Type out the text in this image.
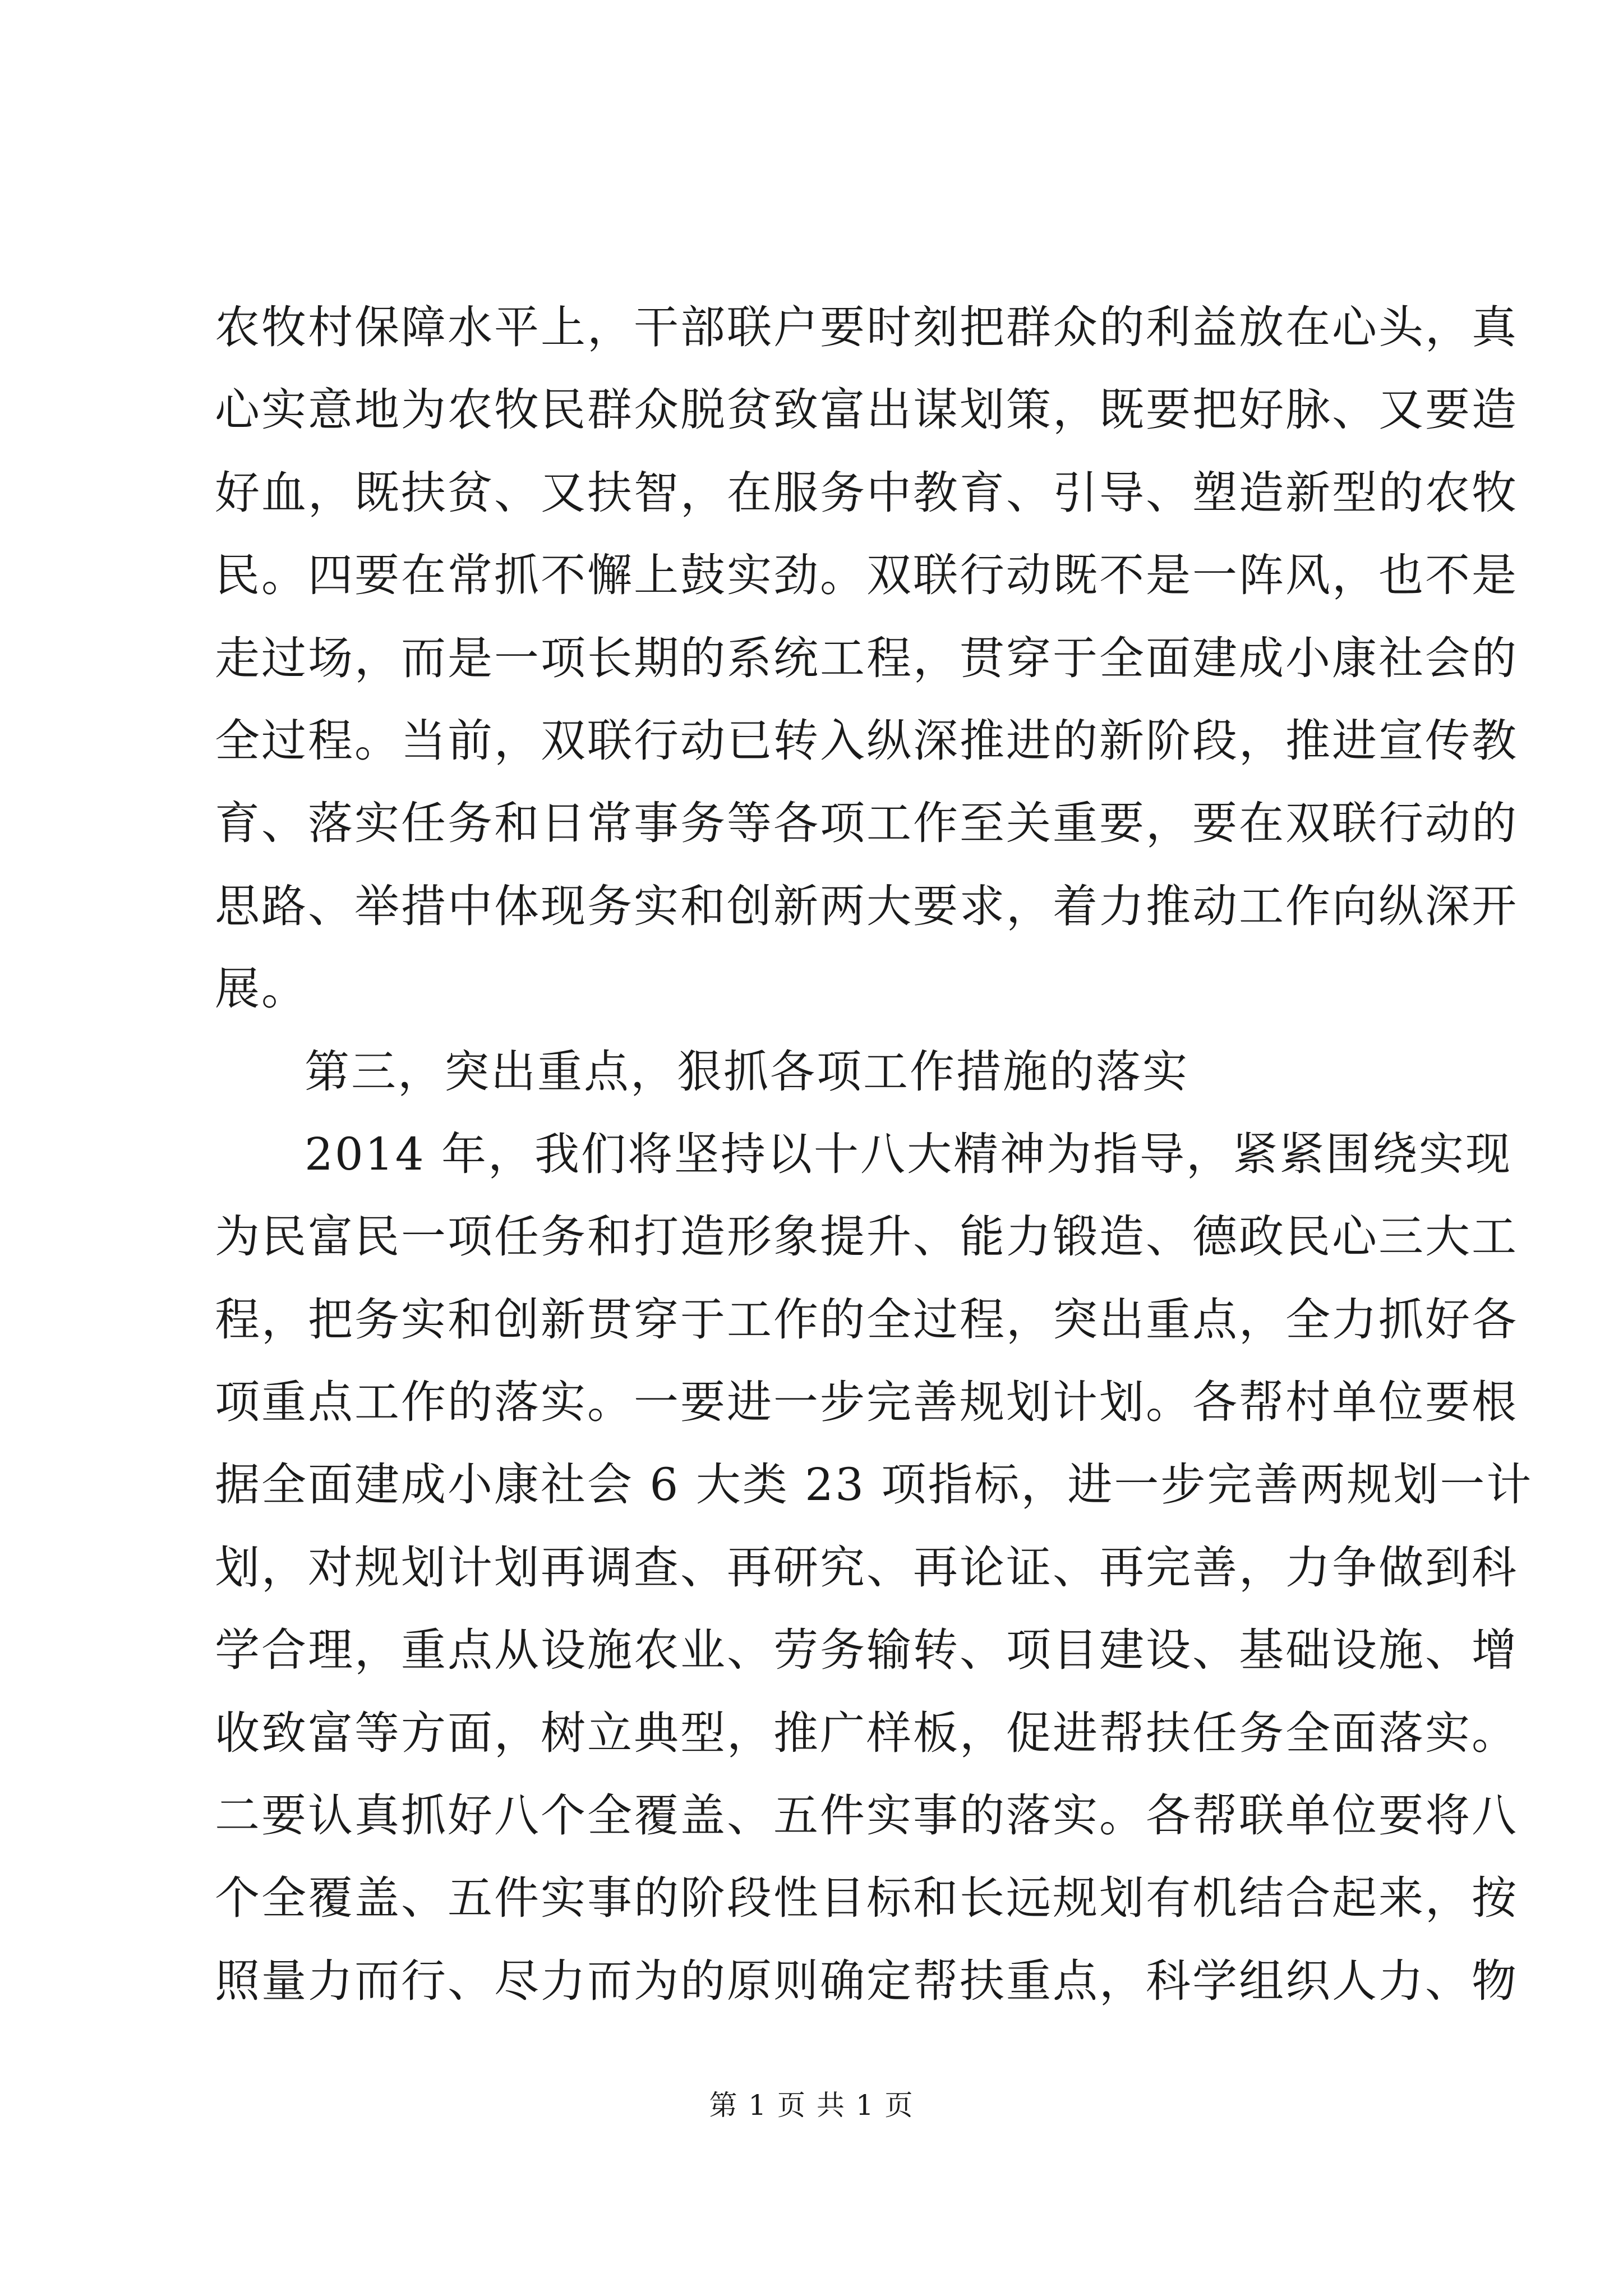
农牧村保障水平上，干部联户要时刻把群众的利益放在心头，真
心实意地为农牧民群众脱贫致富出谋划策，既要把好脉、又要造
好血，既扶贫、又扶智，在服务中教育、引导、塑造新型的农牧
民。四要在常抓不懈上鼓实劲。双联行动既不是一阵风，也不是
走过场，而是一项长期的系统工程，贯穿于全面建成小康社会的
全过程。当前，双联行动已转入纵深推进的新阶段，推进宣传教
育、落实任务和日常事务等各项工作至关重要，要在双联行动的
思路、举措中体现务实和创新两大要求，着力推动工作向纵深开
展。
第三，突出重点，狠抓各项工作措施的落实
2014 年，我们将坚持以十八大精神为指导，紧紧围绕实现
为民富民一项任务和打造形象提升、能力锻造、德政民心三大工
程，把务实和创新贯穿于工作的全过程，突出重点，全力抓好各
项重点工作的落实。一要进一步完善规划计划。各帮村单位要根
据全面建成小康社会 6 大类 23 项指标，进一步完善两规划一计
划，对规划计划再调查、再研究、再论证、再完善，力争做到科
学合理，重点从设施农业、劳务输转、项目建设、基础设施、增
收致富等方面，树立典型，推广样板，促进帮扶任务全面落实。
二要认真抓好八个全覆盖、五件实事的落实。各帮联单位要将八
个全覆盖、五件实事的阶段性目标和长远规划有机结合起来，按
照量力而行、尽力而为的原则确定帮扶重点，科学组织人力、物
第 1 页 共 1 页
